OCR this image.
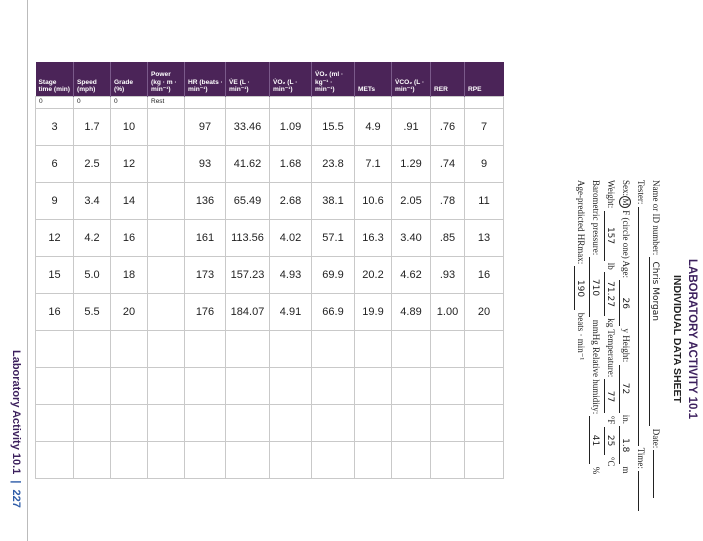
Laboratory Activity 10.1 | 227
Stage time (min)	Speed (mph)	Grade (%)	Power (kg · m · min⁻¹)	HR (beats · min⁻¹)	V̇E (L · min⁻¹)	V̇O₂ (L · min⁻¹)	V̇O₂ (ml · kg⁻¹ · min⁻¹)	METs	V̇CO₂ (L · min⁻¹)	RER	RPE
0	0	0	Rest								
3	1.7	10		97	33.46	1.09	15.5	4.9	.91	.76	7
6	2.5	12		93	41.62	1.68	23.8	7.1	1.29	.74	9
9	3.4	14		136	65.49	2.68	38.1	10.6	2.05	.78	11
12	4.2	16		161	113.56	4.02	57.1	16.3	3.40	.85	13
15	5.0	18		173	157.23	4.93	69.9	20.2	4.62	.93	16
16	5.5	20		176	184.07	4.91	66.9	19.9	4.89	1.00	20

												LABORATORY ACTIVITY 10.1
INDIVIDUAL DATA SHEET
Name or ID number: Chris Morgan Date:
Tester:  Time:
Sex:M F (circle one) Age: 26 y Height: 72 in. 1.8 m
Weight: 157 lb 71.27 kg Temperature: 77 °F 25 °C
Barometric pressure: 710 mmHg Relative humidity: 41 %
Age-predicted HRmax: 190 beats · min⁻¹
